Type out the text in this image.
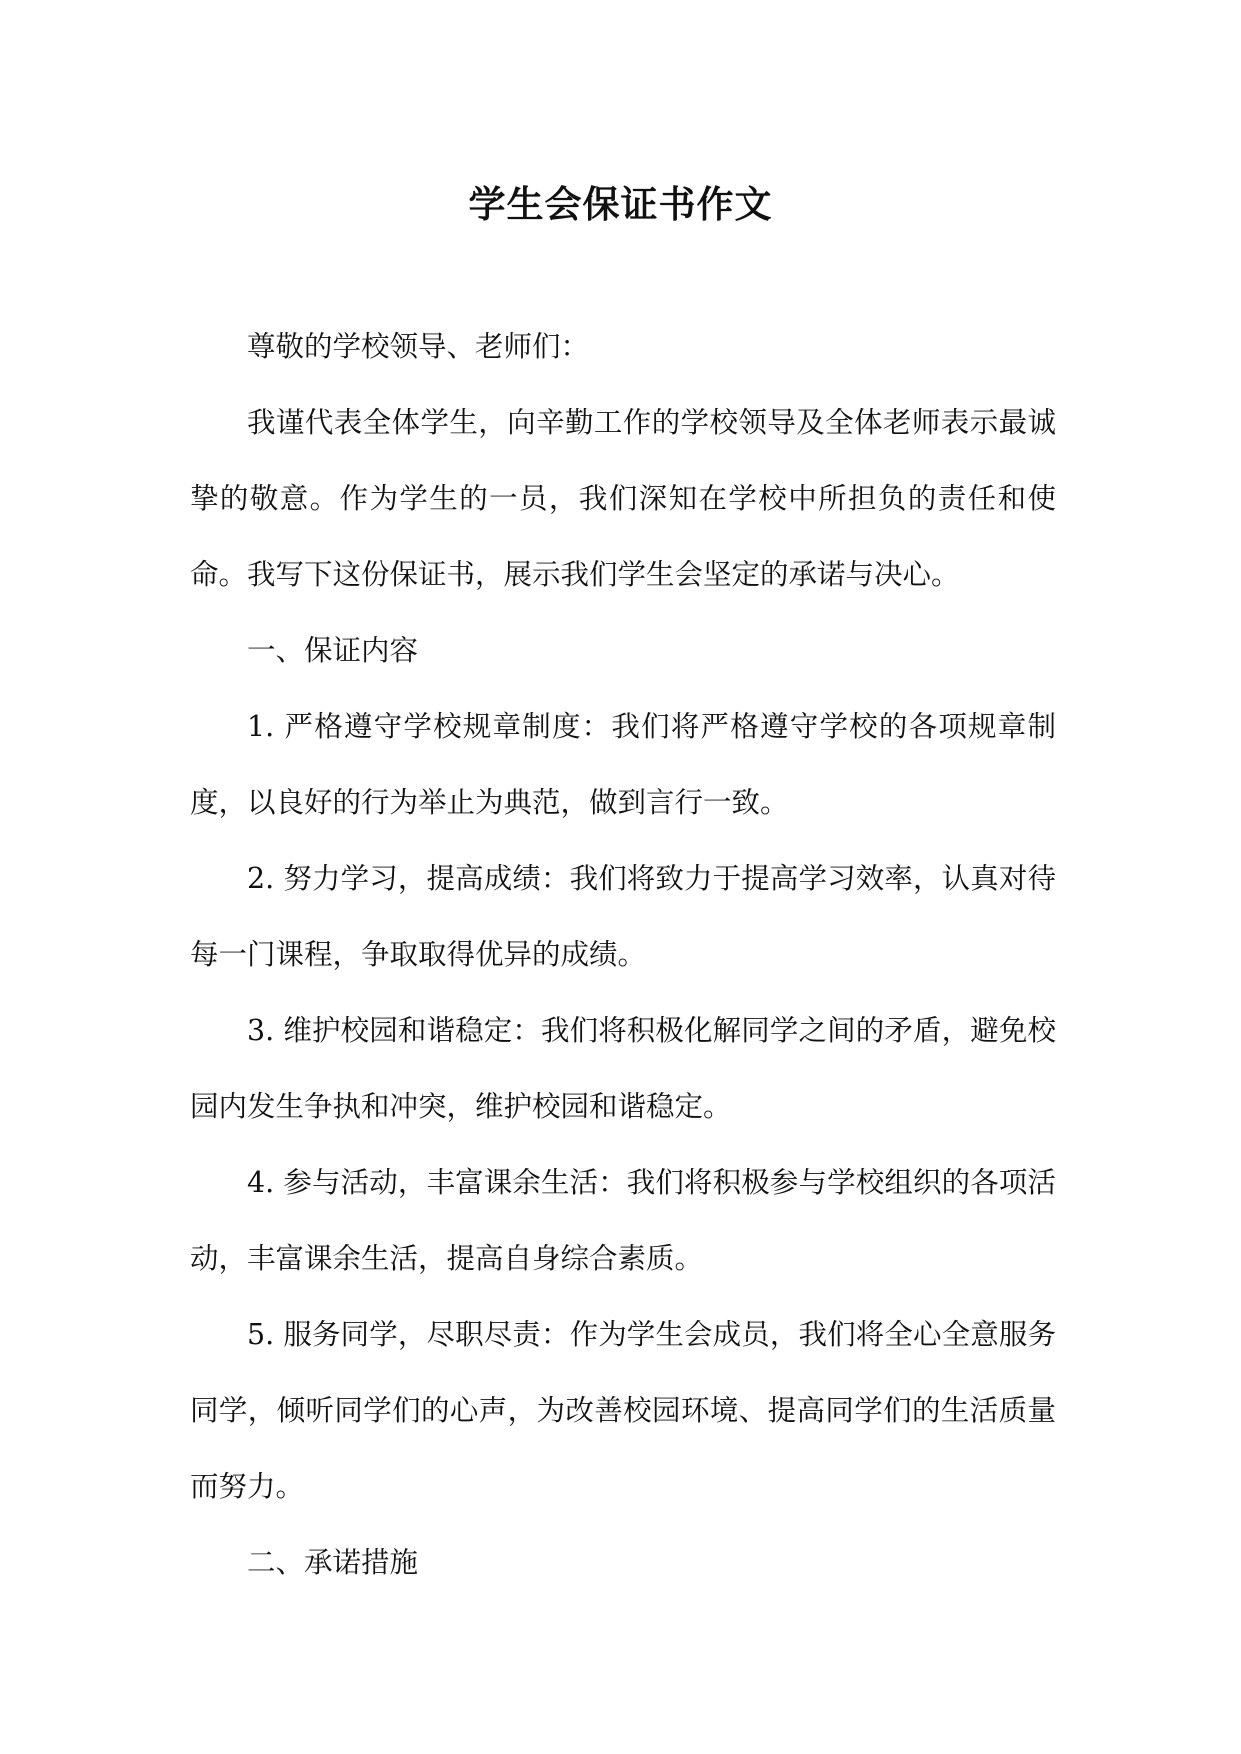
学生会保证书作文

尊敬的学校领导、老师们：

我谨代表全体学生，向辛勤工作的学校领导及全体老师表示最诚挚的敬意。作为学生的一员，我们深知在学校中所担负的责任和使命。我写下这份保证书，展示我们学生会坚定的承诺与决心。

一、保证内容

1. 严格遵守学校规章制度：我们将严格遵守学校的各项规章制度，以良好的行为举止为典范，做到言行一致。

2. 努力学习，提高成绩：我们将致力于提高学习效率，认真对待每一门课程，争取取得优异的成绩。

3. 维护校园和谐稳定：我们将积极化解同学之间的矛盾，避免校园内发生争执和冲突，维护校园和谐稳定。

4. 参与活动，丰富课余生活：我们将积极参与学校组织的各项活动，丰富课余生活，提高自身综合素质。

5. 服务同学，尽职尽责：作为学生会成员，我们将全心全意服务同学，倾听同学们的心声，为改善校园环境、提高同学们的生活质量而努力。

二、承诺措施
